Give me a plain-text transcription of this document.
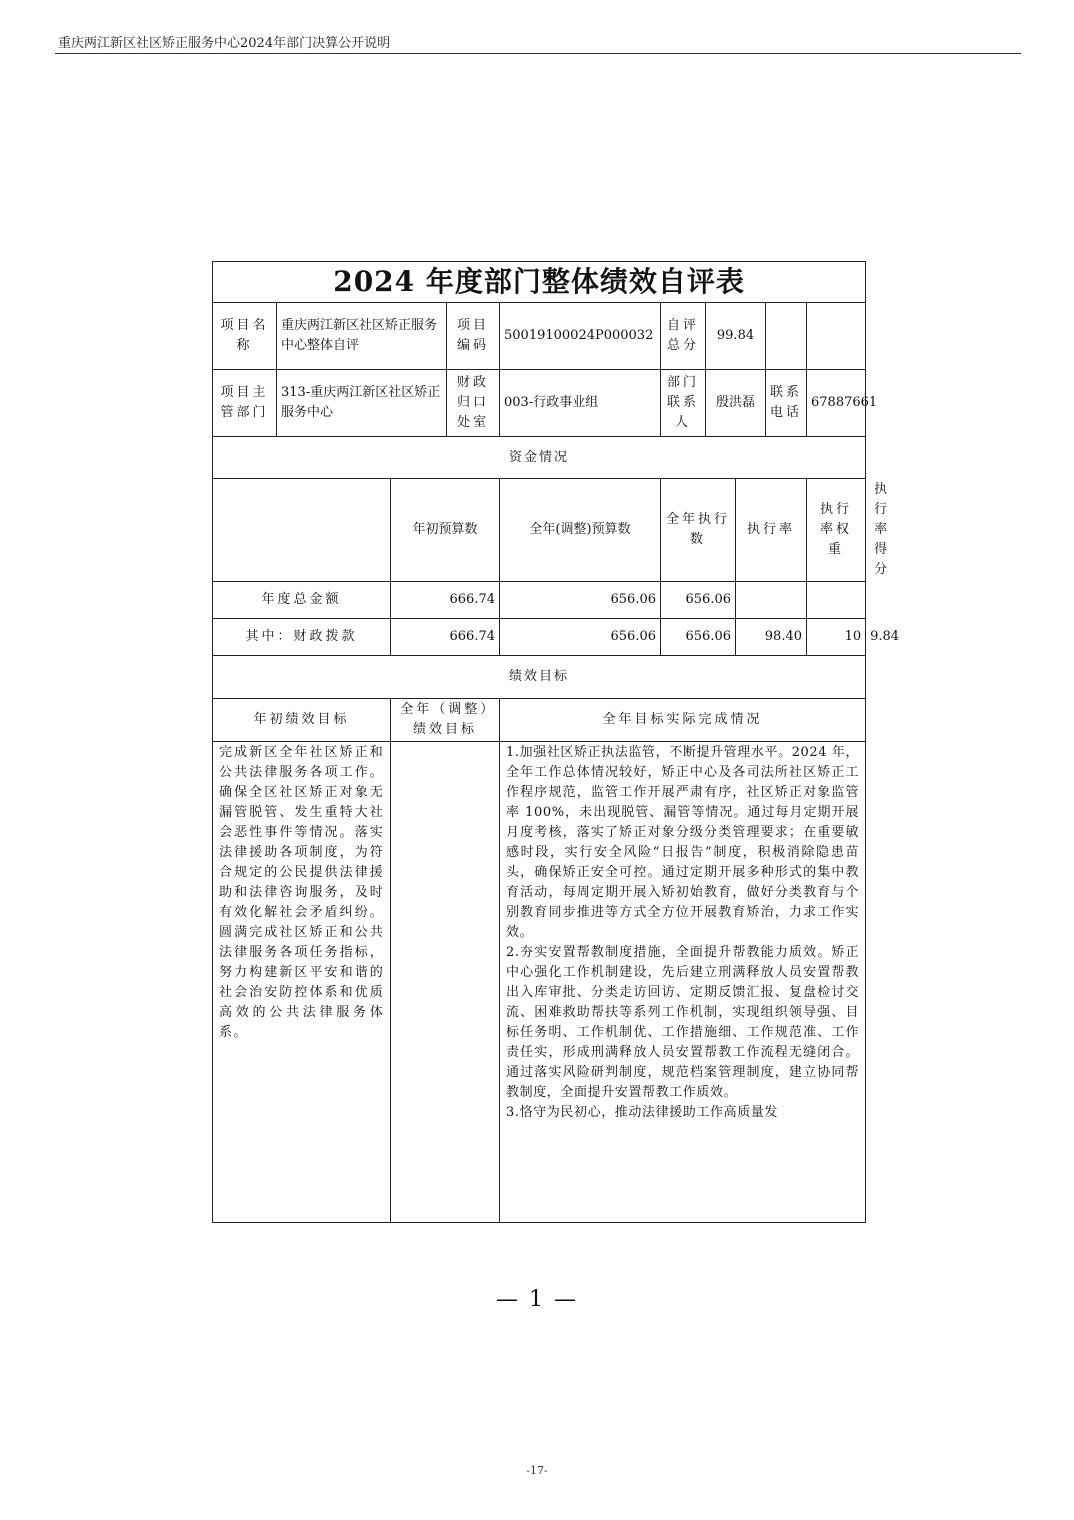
重庆两江新区社区矫正服务中心2024年部门决算公开说明
2024 年度部门整体绩效自评表										
项目名称	重庆两江新区社区矫正服务中心整体自评		项目编码	50019100024P000032	自评总分	99.84				
项目主管部门	313-重庆两江新区社区矫正服务中心		财政归口处室	003-行政事业组	部门联系人	殷洪磊		联系电话	67887661	
资金情况										
		年初预算数		全年(调整)预算数	全年执行数		执行率		执行率权重	执行率得分
年度总金额		666.74		656.06	656.06					
其中：财政拨款		666.74		656.06	656.06		98.40		10	9.84
绩效目标										
年初绩效目标		全年（调整）绩效目标		全年目标实际完成情况						
完成新区全年社区矫正和公共法律服务各项工作。确保全区社区矫正对象无漏管脱管、发生重特大社会恶性事件等情况。落实法律援助各项制度，为符合规定的公民提供法律援助和法律咨询服务，及时有效化解社会矛盾纠纷。圆满完成社区矫正和公共法律服务各项任务指标，努力构建新区平安和谐的社会治安防控体系和优质高效的公共法律服务体系。				1.加强社区矫正执法监管，不断提升管理水平。2024 年，全年工作总体情况较好，矫正中心及各司法所社区矫正工作程序规范，监管工作开展严肃有序，社区矫正对象监管率 100%，未出现脱管、漏管等情况。通过每月定期开展月度考核，落实了矫正对象分级分类管理要求；在重要敏感时段，实行安全风险“日报告”制度，积极消除隐患苗头，确保矫正安全可控。通过定期开展多种形式的集中教育活动，每周定期开展入矫初始教育，做好分类教育与个别教育同步推进等方式全方位开展教育矫治，力求工作实效。

2.夯实安置帮教制度措施，全面提升帮教能力质效。矫正中心强化工作机制建设，先后建立刑满释放人员安置帮教出入库审批、分类走访回访、定期反馈汇报、复盘检讨交流、困难救助帮扶等系列工作机制，实现组织领导强、目标任务明、工作机制优、工作措施细、工作规范准、工作责任实，形成刑满释放人员安置帮教工作流程无缝闭合。通过落实风险研判制度，规范档案管理制度，建立协同帮教制度，全面提升安置帮教工作质效。

3.恪守为民初心，推动法律援助工作高质量发						

— 1 —
-17-
